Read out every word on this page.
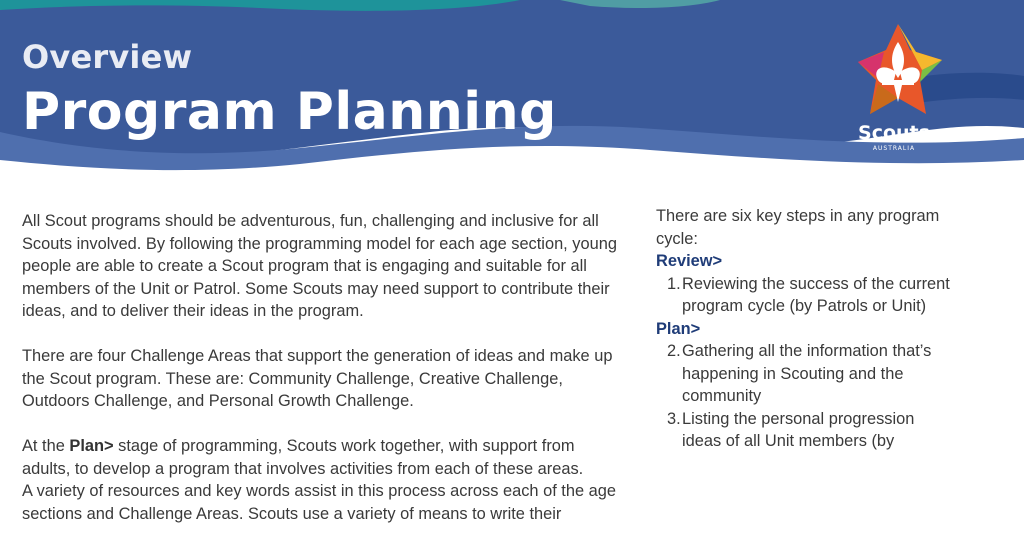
Overview
Program Planning	Scouts
AUSTRALIA

All Scout programs should be adventurous, fun, challenging and inclusive for all Scouts involved. By following the programming model for each age section, young people are able to create a Scout program that is engaging and suitable for all members of the Unit or Patrol. Some Scouts may need support to contribute their ideas, and to deliver their ideas in the program.

There are four Challenge Areas that support the generation of ideas and make up the Scout program. These are: Community Challenge, Creative Challenge, Outdoors Challenge, and Personal Growth Challenge.

At the Plan> stage of programming, Scouts work together, with support from adults, to develop a program that involves activities from each of these areas.

A variety of resources and key words assist in this process across each of the age sections and Challenge Areas. Scouts use a variety of means to write their

There are six key steps in any program cycle:

Review>

1. Reviewing the success of the current program cycle (by Patrols or Unit)

Plan>

2. Gathering all the information that’s happening in Scouting and the community
3. Listing the personal progression ideas of all Unit members (by
